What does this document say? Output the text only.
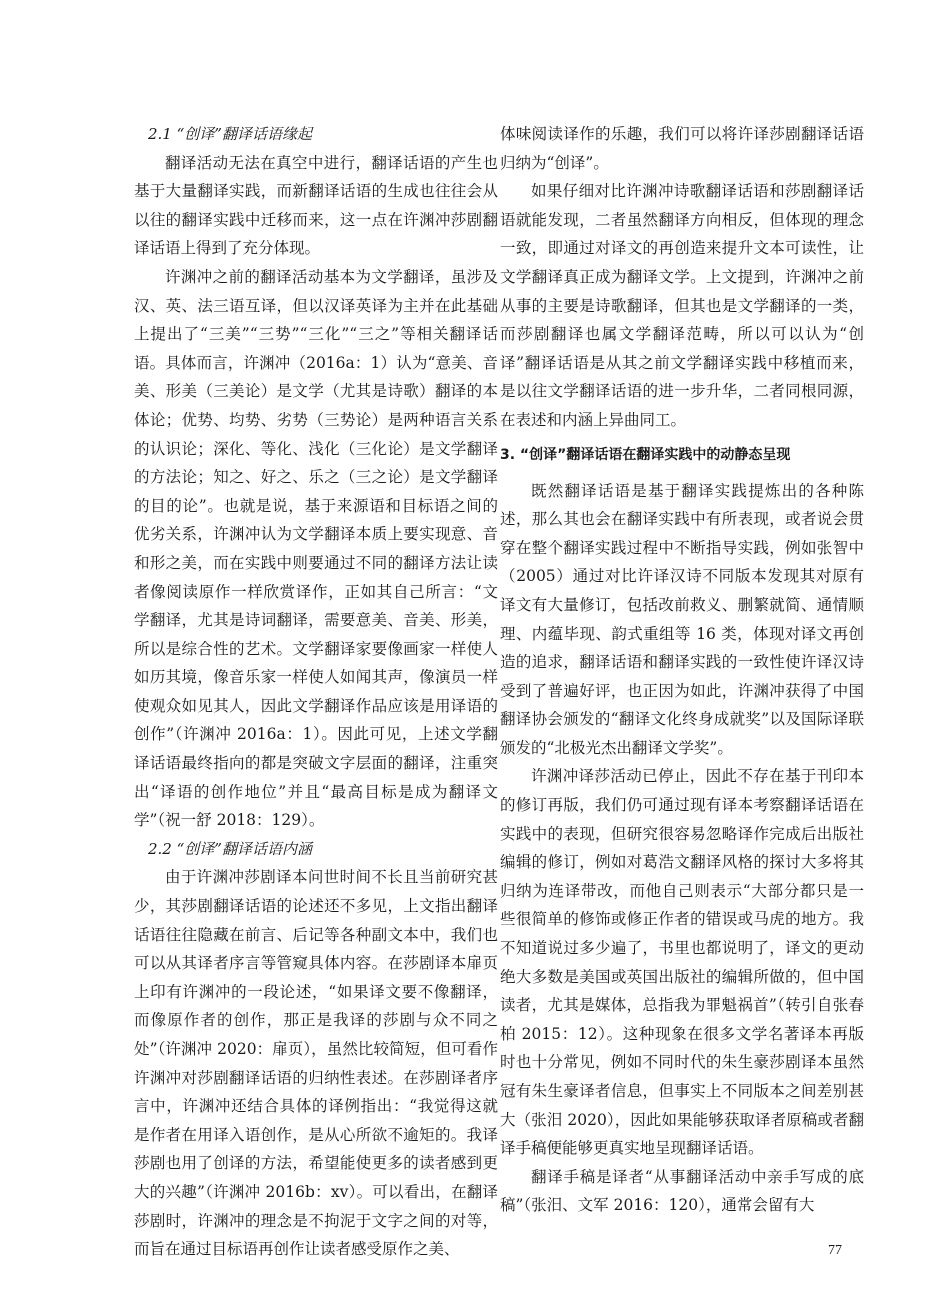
2.1 “创译”翻译话语缘起

翻译活动无法在真空中进行，翻译话语的产生也基于大量翻译实践，而新翻译话语的生成也往往会从以往的翻译实践中迁移而来，这一点在许渊冲莎剧翻译话语上得到了充分体现。

许渊冲之前的翻译活动基本为文学翻译，虽涉及汉、英、法三语互译，但以汉译英译为主并在此基础上提出了“三美”“三势”“三化”“三之”等相关翻译话语。具体而言，许渊冲（2016a：1）认为“意美、音美、形美（三美论）是文学（尤其是诗歌）翻译的本体论；优势、均势、劣势（三势论）是两种语言关系的认识论；深化、等化、浅化（三化论）是文学翻译的方法论；知之、好之、乐之（三之论）是文学翻译的目的论”。也就是说，基于来源语和目标语之间的优劣关系，许渊冲认为文学翻译本质上要实现意、音和形之美，而在实践中则要通过不同的翻译方法让读者像阅读原作一样欣赏译作，正如其自己所言：“文学翻译，尤其是诗词翻译，需要意美、音美、形美，所以是综合性的艺术。文学翻译家要像画家一样使人如历其境，像音乐家一样使人如闻其声，像演员一样使观众如见其人，因此文学翻译作品应该是用译语的创作”（许渊冲 2016a：1）。因此可见，上述文学翻译话语最终指向的都是突破文字层面的翻译，注重突出“译语的创作地位”并且“最高目标是成为翻译文学”（祝一舒 2018：129）。

2.2 “创译”翻译话语内涵

由于许渊冲莎剧译本问世时间不长且当前研究甚少，其莎剧翻译话语的论述还不多见，上文指出翻译话语往往隐藏在前言、后记等各种副文本中，我们也可以从其译者序言等管窥具体内容。在莎剧译本扉页上印有许渊冲的一段论述，“如果译文要不像翻译，而像原作者的创作，那正是我译的莎剧与众不同之处”（许渊冲 2020：扉页），虽然比较简短，但可看作许渊冲对莎剧翻译话语的归纳性表述。在莎剧译者序言中，许渊冲还结合具体的译例指出：“我觉得这就是作者在用译入语创作，是从心所欲不逾矩的。我译莎剧也用了创译的方法，希望能使更多的读者感到更大的兴趣”（许渊冲 2016b：xv）。可以看出，在翻译莎剧时，许渊冲的理念是不拘泥于文字之间的对等，而旨在通过目标语再创作让读者感受原作之美、

体味阅读译作的乐趣，我们可以将许译莎剧翻译话语归纳为“创译”。

如果仔细对比许渊冲诗歌翻译话语和莎剧翻译话语就能发现，二者虽然翻译方向相反，但体现的理念一致，即通过对译文的再创造来提升文本可读性，让文学翻译真正成为翻译文学。上文提到，许渊冲之前从事的主要是诗歌翻译，但其也是文学翻译的一类，而莎剧翻译也属文学翻译范畴，所以可以认为“创译”翻译话语是从其之前文学翻译实践中移植而来，是以往文学翻译话语的进一步升华，二者同根同源，在表述和内涵上异曲同工。

3. “创译”翻译话语在翻译实践中的动静态呈现

既然翻译话语是基于翻译实践提炼出的各种陈述，那么其也会在翻译实践中有所表现，或者说会贯穿在整个翻译实践过程中不断指导实践，例如张智中（2005）通过对比许译汉诗不同版本发现其对原有译文有大量修订，包括改前救义、删繁就简、通情顺理、内蕴毕现、韵式重组等 16 类，体现对译文再创造的追求，翻译话语和翻译实践的一致性使许译汉诗受到了普遍好评，也正因为如此，许渊冲获得了中国翻译协会颁发的“翻译文化终身成就奖”以及国际译联颁发的“北极光杰出翻译文学奖”。

许渊冲译莎活动已停止，因此不存在基于刊印本的修订再版，我们仍可通过现有译本考察翻译话语在实践中的表现，但研究很容易忽略译作完成后出版社编辑的修订，例如对葛浩文翻译风格的探讨大多将其归纳为连译带改，而他自己则表示“大部分都只是一些很简单的修饰或修正作者的错误或马虎的地方。我不知道说过多少遍了，书里也都说明了，译文的更动绝大多数是美国或英国出版社的编辑所做的，但中国读者，尤其是媒体，总指我为罪魁祸首”（转引自张春柏 2015：12）。这种现象在很多文学名著译本再版时也十分常见，例如不同时代的朱生豪莎剧译本虽然冠有朱生豪译者信息，但事实上不同版本之间差别甚大（张汨 2020），因此如果能够获取译者原稿或者翻译手稿便能够更真实地呈现翻译话语。

翻译手稿是译者“从事翻译活动中亲手写成的底稿”（张汨、文军 2016：120），通常会留有大

77
